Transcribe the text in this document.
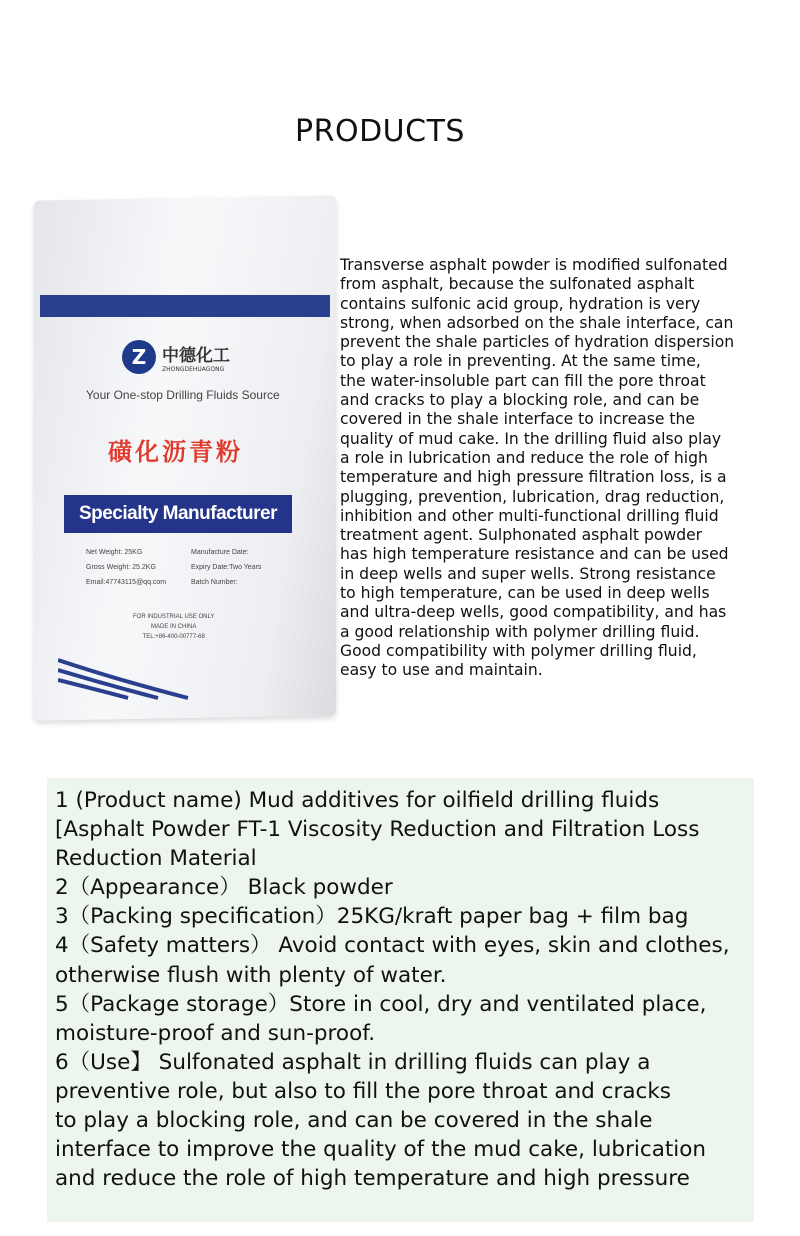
PRODUCTS
Z 中德化工
ZHONGDEHUAGONG
Your One-stop Drilling Fluids Source
磺化沥青粉
Specialty Manufacturer
Net Weight: 25KG
Gross Weight: 25.2KG
Email:47743115@qq.com
Manufacture Date:
Expiry Date:Two Years
Batch Number:
FOR INDUSTRIAL USE ONLY
MADE IN CHINA
TEL:+86-400-00777-68
Transverse asphalt powder is modified sulfonated
from asphalt, because the sulfonated asphalt
contains sulfonic acid group, hydration is very
strong, when adsorbed on the shale interface, can
prevent the shale particles of hydration dispersion
to play a role in preventing. At the same time,
the water-insoluble part can fill the pore throat
and cracks to play a blocking role, and can be
covered in the shale interface to increase the
quality of mud cake. In the drilling fluid also play
a role in lubrication and reduce the role of high
temperature and high pressure filtration loss, is a
plugging, prevention, lubrication, drag reduction,
inhibition and other multi-functional drilling fluid
treatment agent. Sulphonated asphalt powder
has high temperature resistance and can be used
in deep wells and super wells. Strong resistance
to high temperature, can be used in deep wells
and ultra-deep wells, good compatibility, and has
a good relationship with polymer drilling fluid.
Good compatibility with polymer drilling fluid,
easy to use and maintain.
1 (Product name) Mud additives for oilfield drilling fluids
[Asphalt Powder FT-1 Viscosity Reduction and Filtration Loss
Reduction Material
2（Appearance） Black powder
3（Packing specification）25KG/kraft paper bag + film bag
4（Safety matters） Avoid contact with eyes, skin and clothes,
otherwise flush with plenty of water.
5（Package storage）Store in cool, dry and ventilated place,
moisture-proof and sun-proof.
6（Use】 Sulfonated asphalt in drilling fluids can play a
preventive role, but also to fill the pore throat and cracks
to play a blocking role, and can be covered in the shale
interface to improve the quality of the mud cake, lubrication
and reduce the role of high temperature and high pressure
